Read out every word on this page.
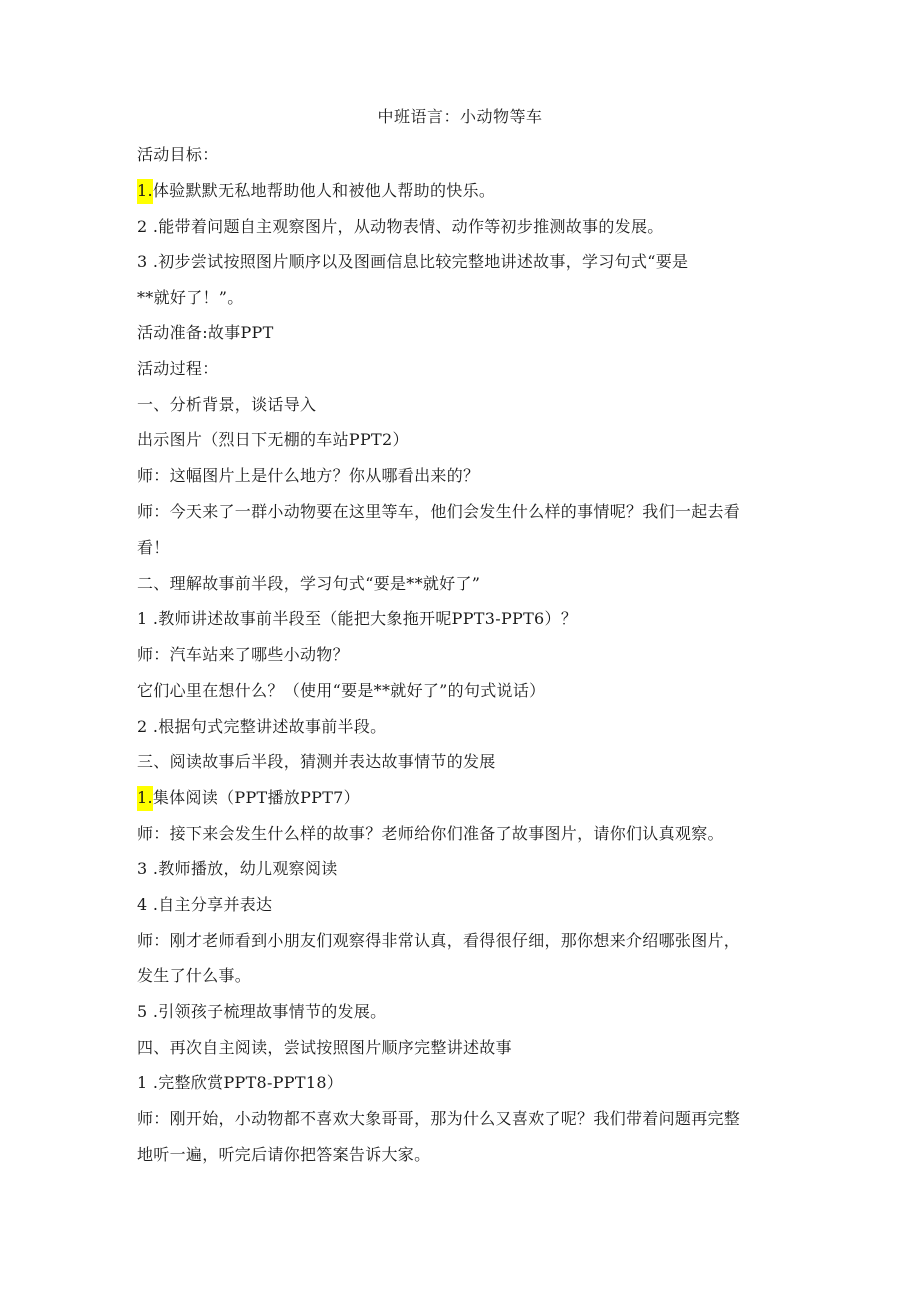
中班语言：小动物等车
活动目标：
1.体验默默无私地帮助他人和被他人帮助的快乐。
2 .能带着问题自主观察图片，从动物表情、动作等初步推测故事的发展。
3 .初步尝试按照图片顺序以及图画信息比较完整地讲述故事，学习句式“要是
**就好了！”。
活动准备:故事PPT
活动过程：
一、分析背景，谈话导入
出示图片（烈日下无棚的车站PPT2）
师：这幅图片上是什么地方？你从哪看出来的？
师：今天来了一群小动物要在这里等车，他们会发生什么样的事情呢？我们一起去看
看！
二、理解故事前半段，学习句式“要是**就好了”
1 .教师讲述故事前半段至（能把大象拖开呢PPT3-PPT6）？
师：汽车站来了哪些小动物？
它们心里在想什么？（使用“要是**就好了”的句式说话）
2 .根据句式完整讲述故事前半段。
三、阅读故事后半段，猜测并表达故事情节的发展
1.集体阅读（PPT播放PPT7）
师：接下来会发生什么样的故事？老师给你们准备了故事图片，请你们认真观察。
3 .教师播放，幼儿观察阅读
4 .自主分享并表达
师：刚才老师看到小朋友们观察得非常认真，看得很仔细，那你想来介绍哪张图片，
发生了什么事。
5 .引领孩子梳理故事情节的发展。
四、再次自主阅读，尝试按照图片顺序完整讲述故事
1 .完整欣赏PPT8-PPT18）
师：刚开始，小动物都不喜欢大象哥哥，那为什么又喜欢了呢？我们带着问题再完整
地听一遍，听完后请你把答案告诉大家。
